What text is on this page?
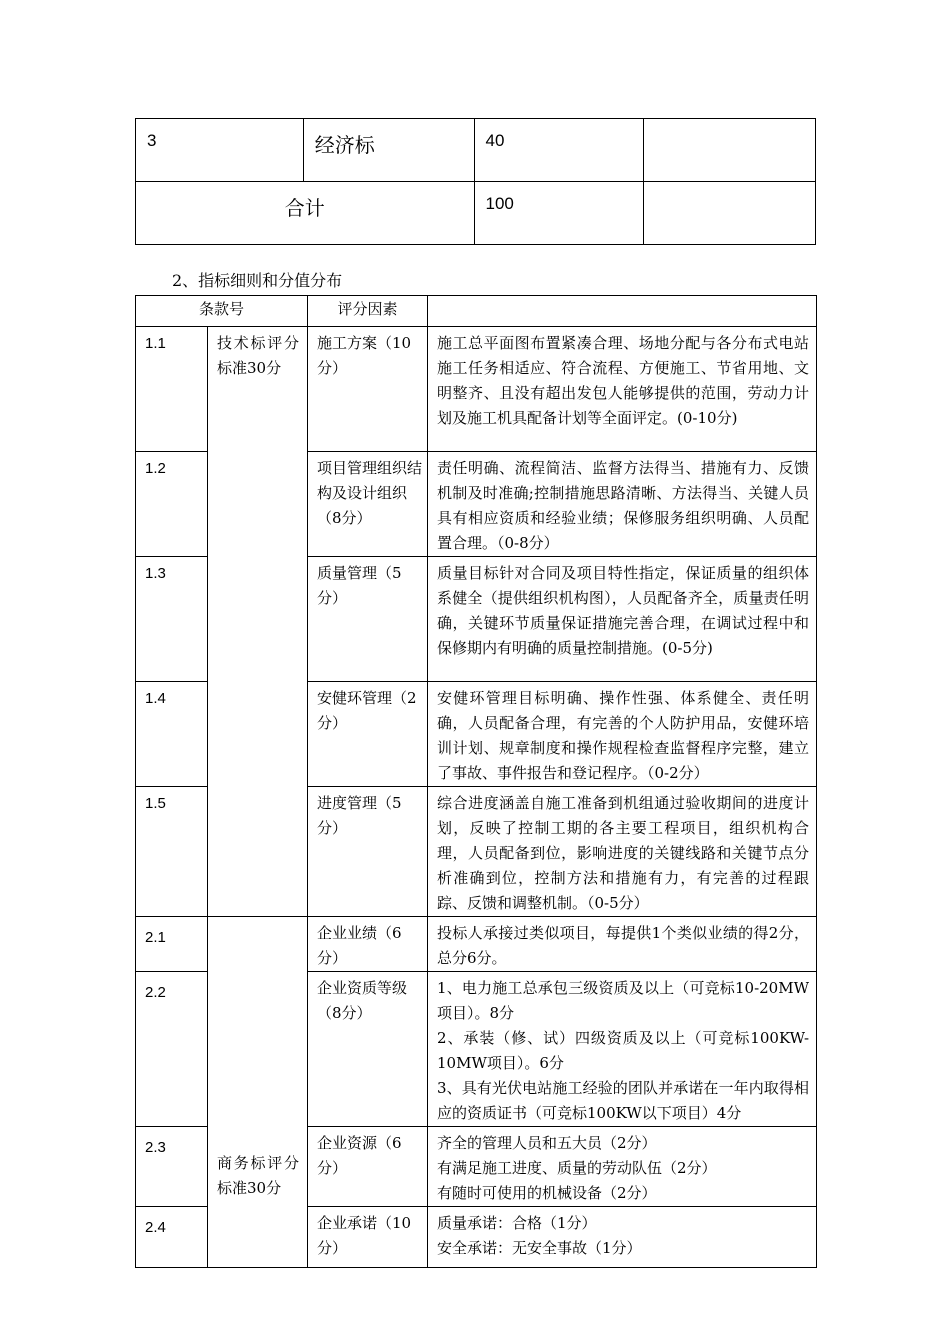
3	经济标	40	
合计		100	
2、指标细则和分值分布
条款号		评分因素	
1.1	技术标评分标准30分	施工方案（10分）	施工总平面图布置紧凑合理、场地分配与各分布式电站施工任务相适应、符合流程、方便施工、节省用地、文明整齐、且没有超出发包人能够提供的范围，劳动力计划及施工机具配备计划等全面评定。(0-10分)
1.2		项目管理组织结构及设计组织（8分）	责任明确、流程简洁、监督方法得当、措施有力、反馈机制及时准确;控制措施思路清晰、方法得当、关键人员具有相应资质和经验业绩；保修服务组织明确、人员配置合理。（0-8分）
1.3		质量管理（5分）	质量目标针对合同及项目特性指定，保证质量的组织体系健全（提供组织机构图），人员配备齐全，质量责任明确，关键环节质量保证措施完善合理，在调试过程中和保修期内有明确的质量控制措施。(0-5分)
1.4		安健环管理（2分）	安健环管理目标明确、操作性强、体系健全、责任明确，人员配备合理，有完善的个人防护用品，安健环培训计划、规章制度和操作规程检查监督程序完整，建立了事故、事件报告和登记程序。（0-2分）
1.5		进度管理（5分）	综合进度涵盖自施工准备到机组通过验收期间的进度计划，反映了控制工期的各主要工程项目，组织机构合理，人员配备到位，影响进度的关键线路和关键节点分析准确到位，控制方法和措施有力，有完善的过程跟踪、反馈和调整机制。（0-5分）
2.1	商务标评分标准30分	企业业绩（6分）	投标人承接过类似项目，每提供1个类似业绩的得2分，总分6分。
2.2		企业资质等级（8分）	1、电力施工总承包三级资质及以上（可竞标10-20MW项目）。8分
2、承装（修、试）四级资质及以上（可竞标100KW-10MW项目）。6分
3、具有光伏电站施工经验的团队并承诺在一年内取得相应的资质证书（可竞标100KW以下项目）4分

2.3		企业资源（6分）	齐全的管理人员和五大员（2分）
有满足施工进度、质量的劳动队伍（2分）
有随时可使用的机械设备（2分）

2.4		企业承诺（10分）	质量承诺：合格（1分）
安全承诺：无安全事故（1分）
